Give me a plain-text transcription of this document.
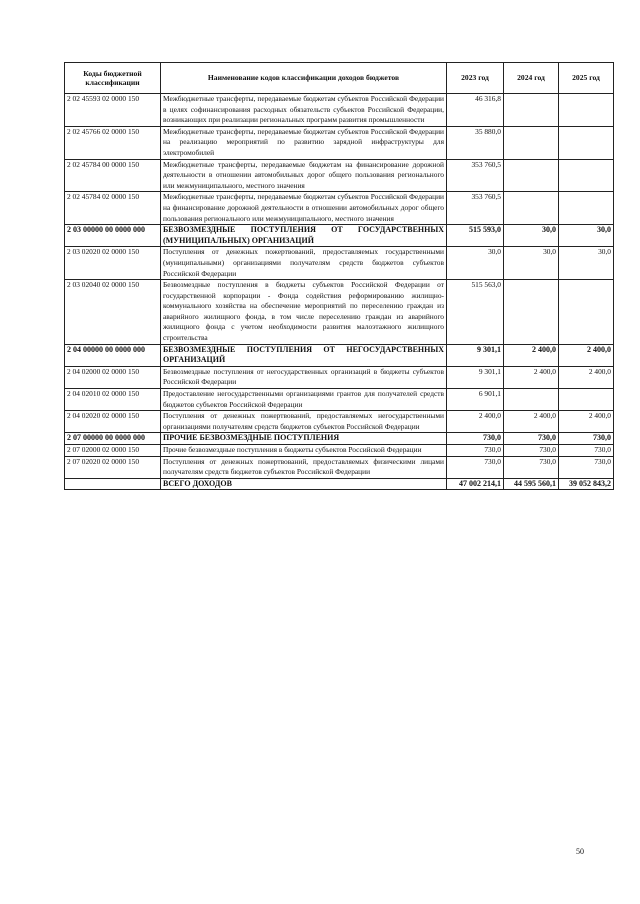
Коды бюджетной классификации	Наименование кодов классификации доходов бюджетов	2023 год	2024 год	2025 год
2 02 45593 02 0000 150	Межбюджетные трансферты, передаваемые бюджетам субъектов Российской Федерации в целях софинансирования расходных обязательств субъектов Российской Федерации, возникающих при реализации региональных программ развития промышленности	46 316,8		
2 02 45766 02 0000 150	Межбюджетные трансферты, передаваемые бюджетам субъектов Российской Федерации на реализацию мероприятий по развитию зарядной инфраструктуры для электромобилей	35 880,0		
2 02 45784 00 0000 150	Межбюджетные трансферты, передаваемые бюджетам на финансирование дорожной деятельности в отношении автомобильных дорог общего пользования регионального или межмуниципального, местного значения	353 760,5		
2 02 45784 02 0000 150	Межбюджетные трансферты, передаваемые бюджетам субъектов Российской Федерации на финансирование дорожной деятельности в отношении автомобильных дорог общего пользования регионального или межмуниципального, местного значения	353 760,5		
2 03 00000 00 0000 000	БЕЗВОЗМЕЗДНЫЕ ПОСТУПЛЕНИЯ ОТ ГОСУДАРСТВЕННЫХ (МУНИЦИПАЛЬНЫХ) ОРГАНИЗАЦИЙ	515 593,0	30,0	30,0
2 03 02020 02 0000 150	Поступления от денежных пожертвований, предоставляемых государственными (муниципальными) организациями получателям средств бюджетов субъектов Российской Федерации	30,0	30,0	30,0
2 03 02040 02 0000 150	Безвозмездные поступления в бюджеты субъектов Российской Федерации от государственной корпорации - Фонда содействия реформированию жилищно-коммунального хозяйства на обеспечение мероприятий по переселению граждан из аварийного жилищного фонда, в том числе переселению граждан из аварийного жилищного фонда с учетом необходимости развития малоэтажного жилищного строительства	515 563,0		
2 04 00000 00 0000 000	БЕЗВОЗМЕЗДНЫЕ ПОСТУПЛЕНИЯ ОТ НЕГОСУДАРСТВЕННЫХ ОРГАНИЗАЦИЙ	9 301,1	2 400,0	2 400,0
2 04 02000 02 0000 150	Безвозмездные поступления от негосударственных организаций в бюджеты субъектов Российской Федерации	9 301,1	2 400,0	2 400,0
2 04 02010 02 0000 150	Предоставление негосударственными организациями грантов для получателей средств бюджетов субъектов Российской Федерации	6 901,1		
2 04 02020 02 0000 150	Поступления от денежных пожертвований, предоставляемых негосударственными организациями получателям средств бюджетов субъектов Российской Федерации	2 400,0	2 400,0	2 400,0
2 07 00000 00 0000 000	ПРОЧИЕ БЕЗВОЗМЕЗДНЫЕ ПОСТУПЛЕНИЯ	730,0	730,0	730,0
2 07 02000 02 0000 150	Прочие безвозмездные поступления в бюджеты субъектов Российской Федерации	730,0	730,0	730,0
2 07 02020 02 0000 150	Поступления от денежных пожертвований, предоставляемых физическими лицами получателям средств бюджетов субъектов Российской Федерации	730,0	730,0	730,0
	ВСЕГО ДОХОДОВ	47 002 214,1	44 595 560,1	39 052 843,2
50
